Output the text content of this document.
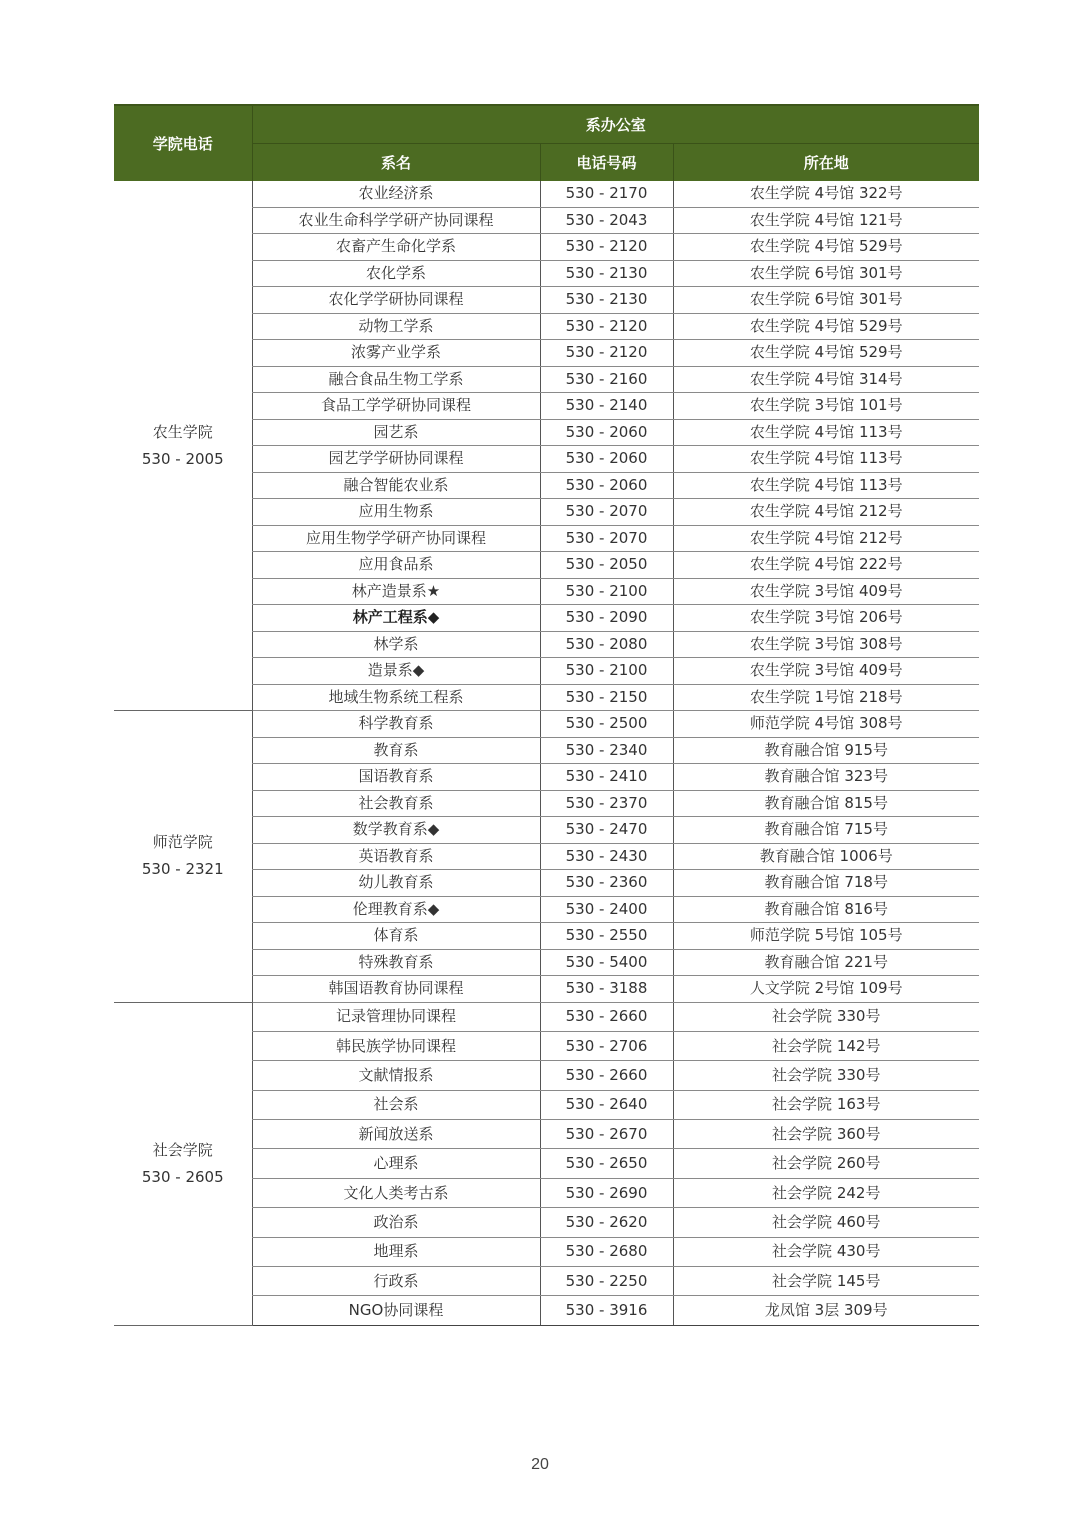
学院电话	系办公室		
	系名	电话号码	所在地

农生学院
530 - 2005	农业经济系	530 - 2170	农生学院 4号馆 322号
	农业生命科学学研产协同课程	530 - 2043	农生学院 4号馆 121号
	农畜产生命化学系	530 - 2120	农生学院 4号馆 529号
	农化学系	530 - 2130	农生学院 6号馆 301号
	农化学学研协同课程	530 - 2130	农生学院 6号馆 301号
	动物工学系	530 - 2120	农生学院 4号馆 529号
	浓雾产业学系	530 - 2120	农生学院 4号馆 529号
	融合食品生物工学系	530 - 2160	农生学院 4号馆 314号
	食品工学学研协同课程	530 - 2140	农生学院 3号馆 101号
	园艺系	530 - 2060	农生学院 4号馆 113号
	园艺学学研协同课程	530 - 2060	农生学院 4号馆 113号
	融合智能农业系	530 - 2060	农生学院 4号馆 113号
	应用生物系	530 - 2070	农生学院 4号馆 212号
	应用生物学学研产协同课程	530 - 2070	农生学院 4号馆 212号
	应用食品系	530 - 2050	农生学院 4号馆 222号
	林产造景系★	530 - 2100	农生学院 3号馆 409号
	林产工程系◆	530 - 2090	农生学院 3号馆 206号
	林学系	530 - 2080	农生学院 3号馆 308号
	造景系◆	530 - 2100	农生学院 3号馆 409号
	地域生物系统工程系	530 - 2150	农生学院 1号馆 218号

师范学院
530 - 2321	科学教育系	530 - 2500	师范学院 4号馆 308号
	教育系	530 - 2340	教育融合馆 915号
	国语教育系	530 - 2410	教育融合馆 323号
	社会教育系	530 - 2370	教育融合馆 815号
	数学教育系◆	530 - 2470	教育融合馆 715号
	英语教育系	530 - 2430	教育融合馆 1006号
	幼儿教育系	530 - 2360	教育融合馆 718号
	伦理教育系◆	530 - 2400	教育融合馆 816号
	体育系	530 - 2550	师范学院 5号馆 105号
	特殊教育系	530 - 5400	教育融合馆 221号
	韩国语教育协同课程	530 - 3188	人文学院 2号馆 109号

社会学院
530 - 2605	记录管理协同课程	530 - 2660	社会学院 330号
	韩民族学协同课程	530 - 2706	社会学院 142号
	文献情报系	530 - 2660	社会学院 330号
	社会系	530 - 2640	社会学院 163号
	新闻放送系	530 - 2670	社会学院 360号
	心理系	530 - 2650	社会学院 260号
	文化人类考古系	530 - 2690	社会学院 242号
	政治系	530 - 2620	社会学院 460号
	地理系	530 - 2680	社会学院 430号
	行政系	530 - 2250	社会学院 145号
	NGO协同课程	530 - 3916	龙凤馆 3层 309号
20
